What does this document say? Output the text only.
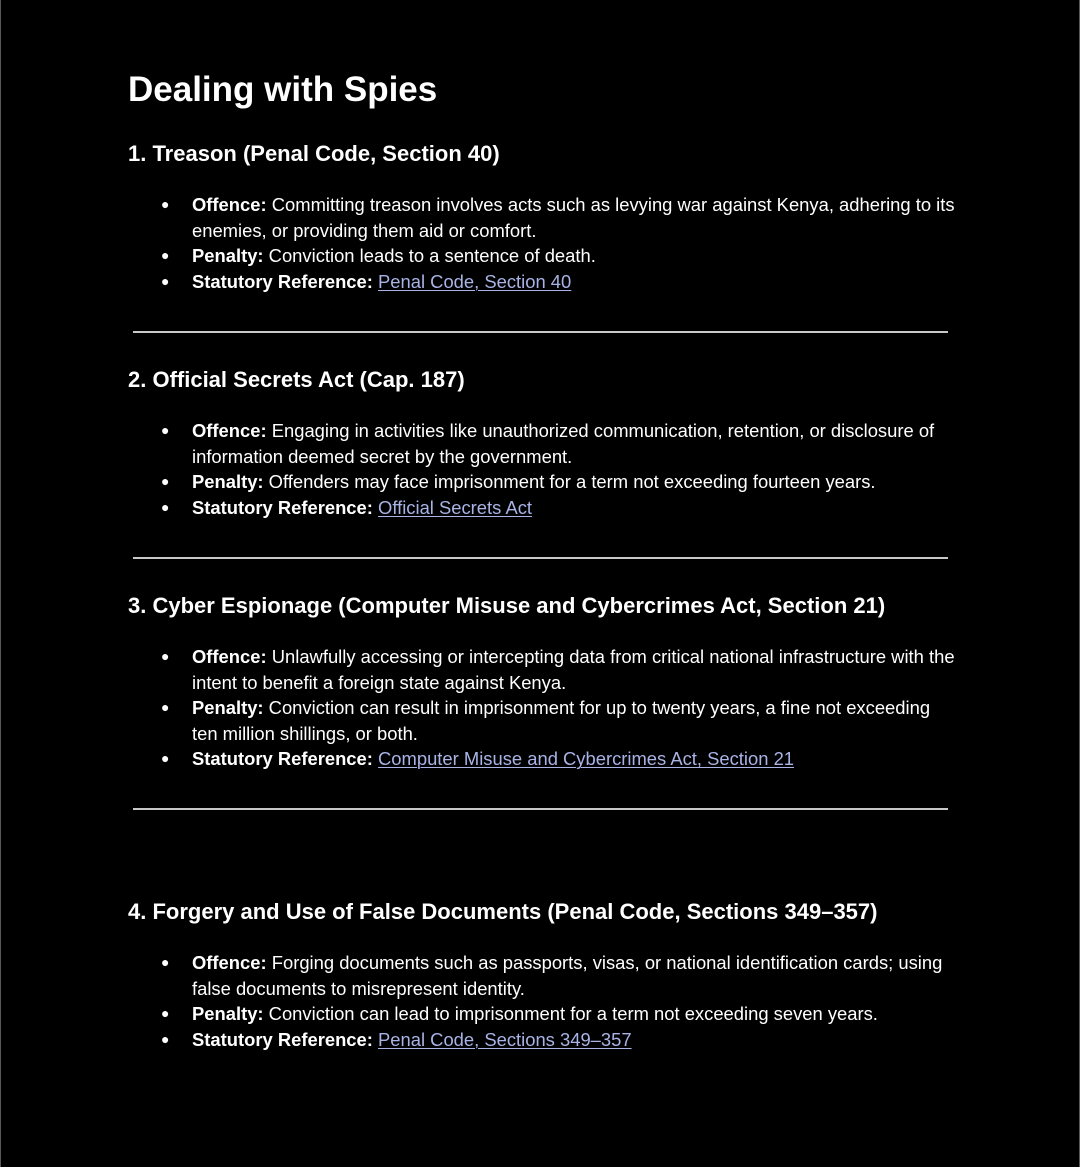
Dealing with Spies
1. Treason (Penal Code, Section 40)
● Offence: Committing treason involves acts such as levying war against Kenya, adhering to its enemies, or providing them aid or comfort.
● Penalty: Conviction leads to a sentence of death.
● Statutory Reference: Penal Code, Section 40
2. Official Secrets Act (Cap. 187)
● Offence: Engaging in activities like unauthorized communication, retention, or disclosure of information deemed secret by the government.
● Penalty: Offenders may face imprisonment for a term not exceeding fourteen years.
● Statutory Reference: Official Secrets Act
3. Cyber Espionage (Computer Misuse and Cybercrimes Act, Section 21)
● Offence: Unlawfully accessing or intercepting data from critical national infrastructure with the intent to benefit a foreign state against Kenya.
● Penalty: Conviction can result in imprisonment for up to twenty years, a fine not exceeding ten million shillings, or both.
● Statutory Reference: Computer Misuse and Cybercrimes Act, Section 21
4. Forgery and Use of False Documents (Penal Code, Sections 349–357)
● Offence: Forging documents such as passports, visas, or national identification cards; using false documents to misrepresent identity.
● Penalty: Conviction can lead to imprisonment for a term not exceeding seven years.
● Statutory Reference: Penal Code, Sections 349–357
